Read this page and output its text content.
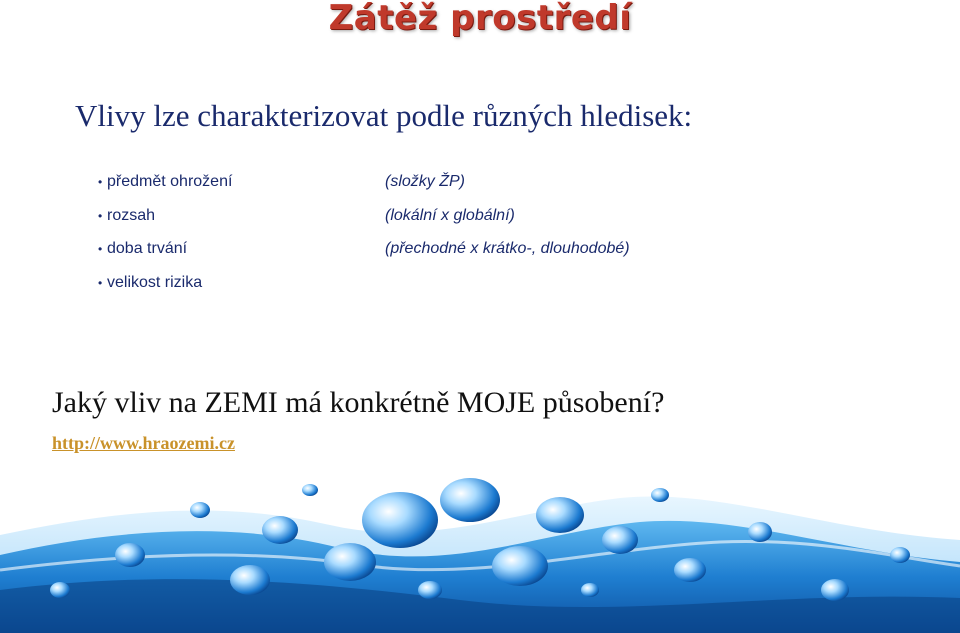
Zátěž prostředí
Vlivy lze charakterizovat podle různých hledisek:
• předmět ohrožení
• rozsah
• doba trvání
• velikost rizika
(složky ŽP)
(lokální x globální)
(přechodné x krátko-, dlouhodobé)
Jaký vliv na ZEMI má konkrétně MOJE působení?
http://www.hraozemi.cz
